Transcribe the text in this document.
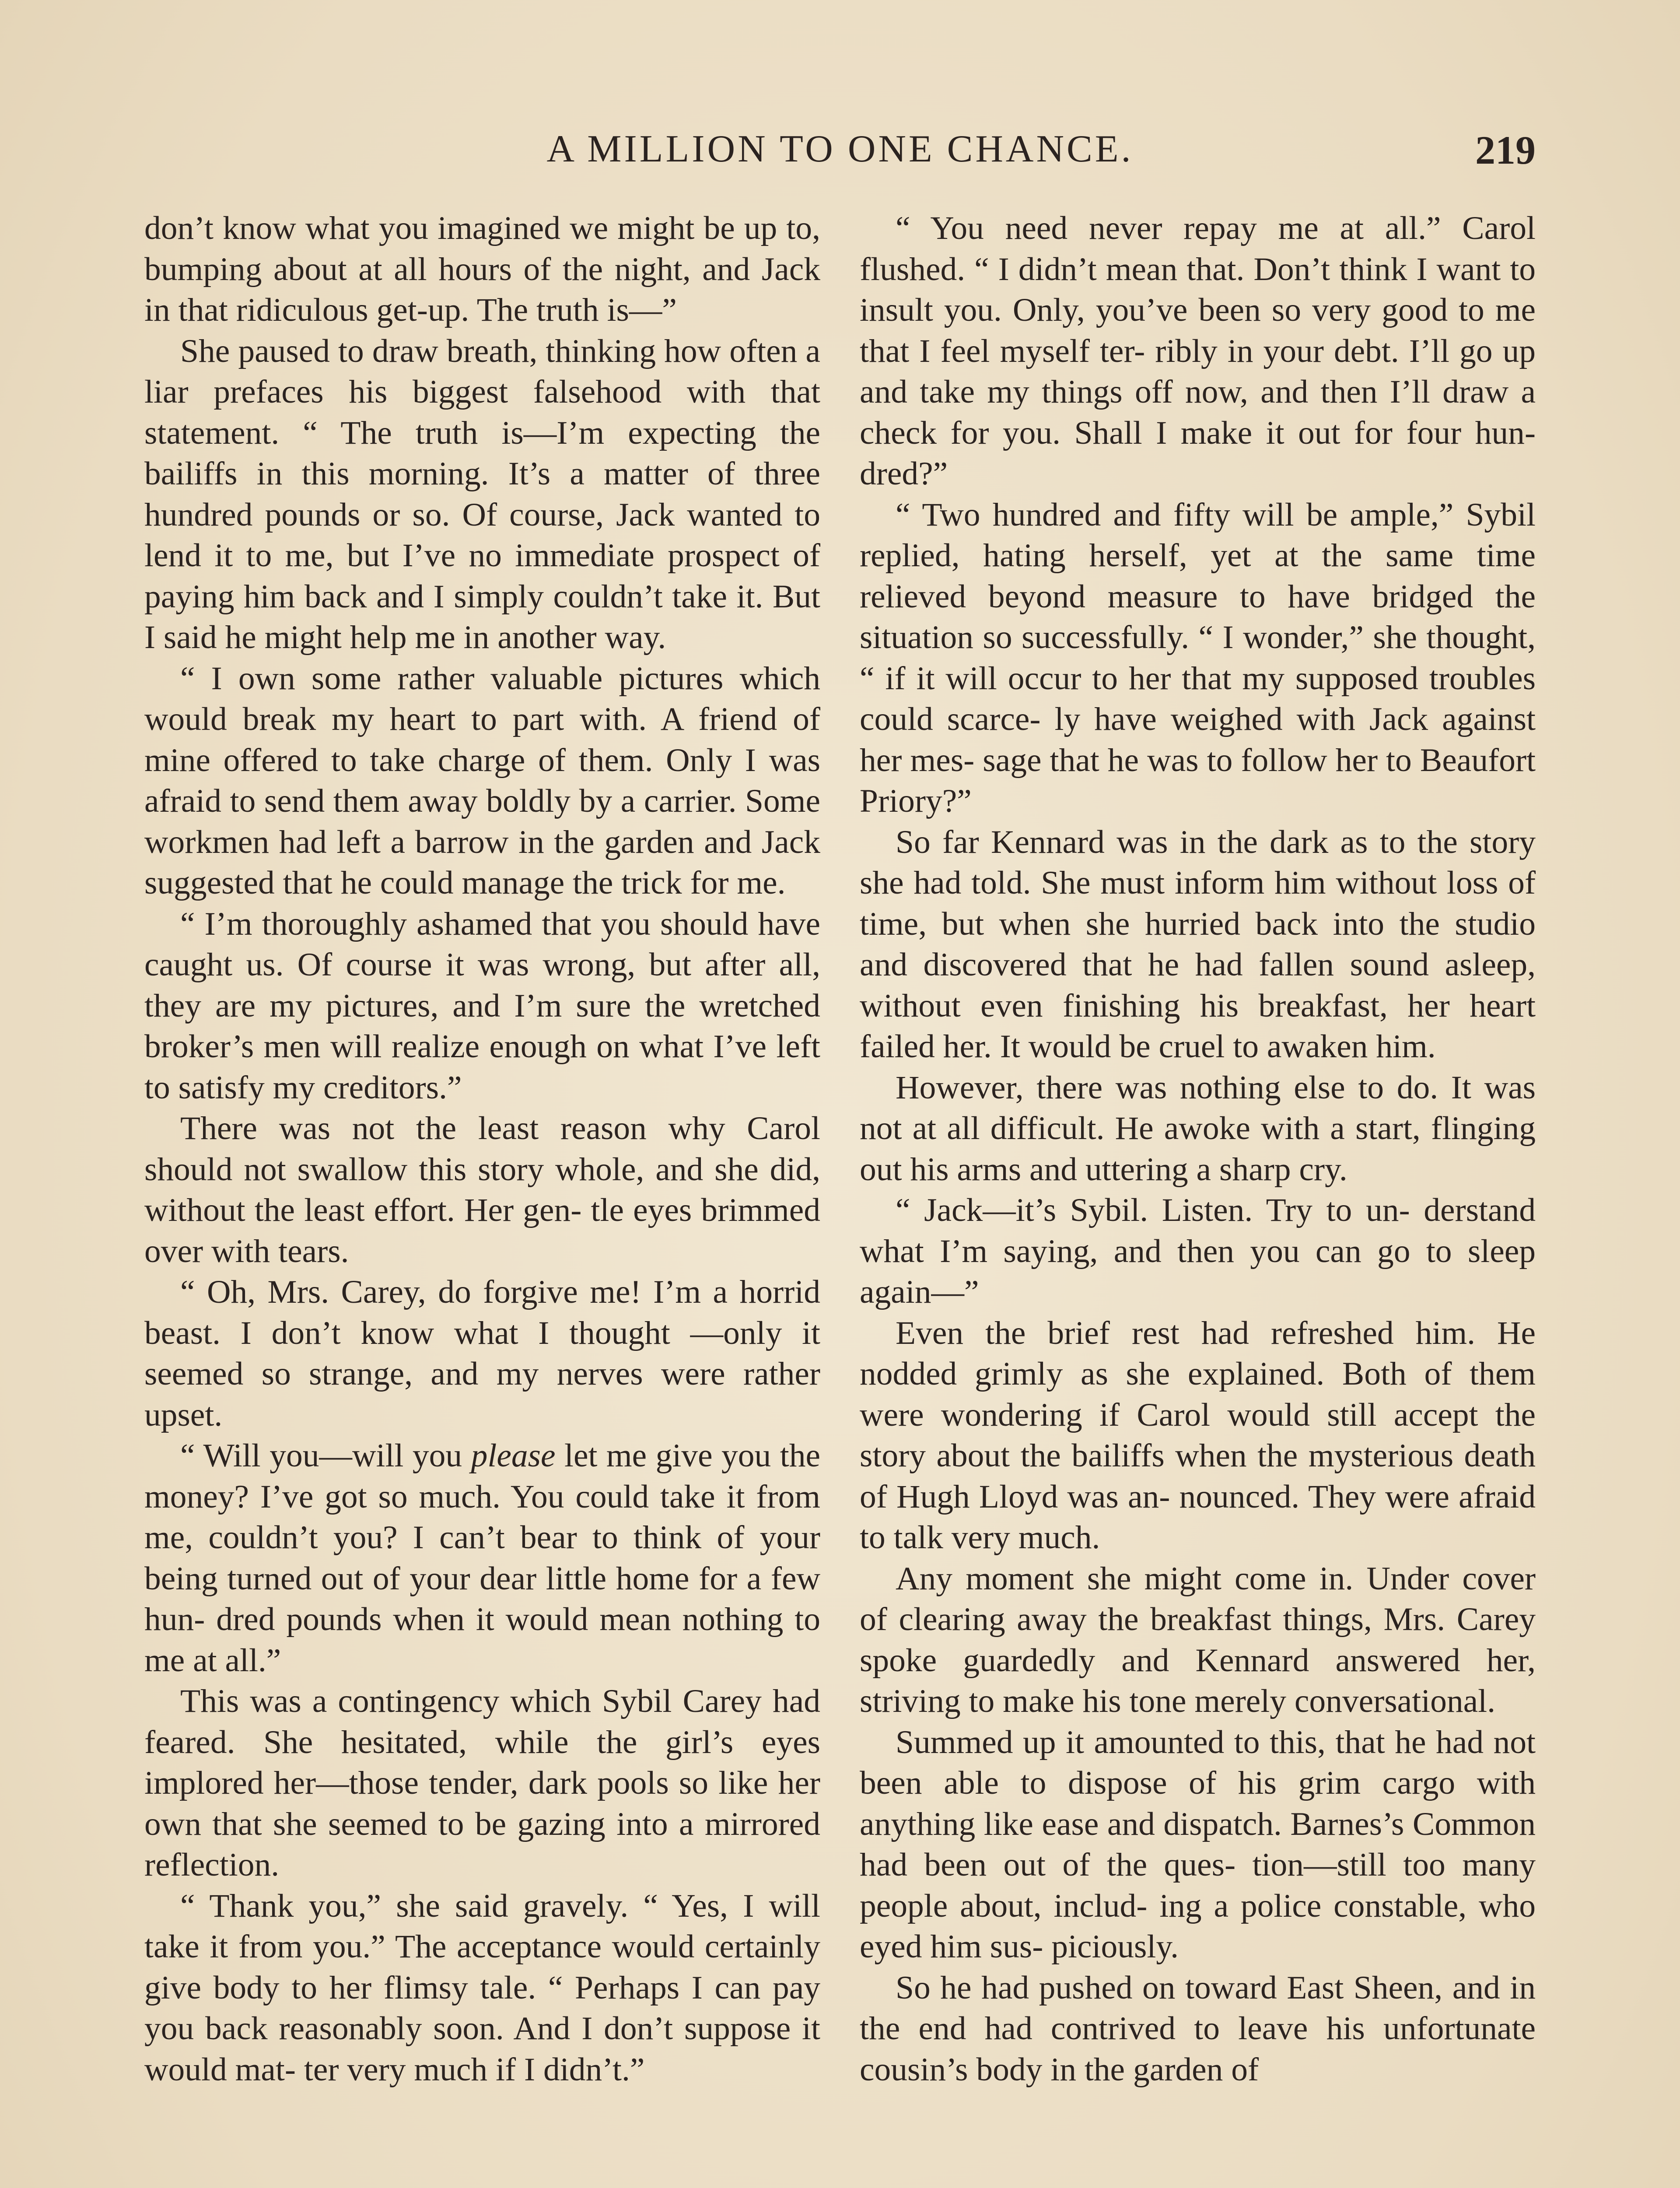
A MILLION TO ONE CHANCE.	219

don’t know what you imagined we might be up to, bumping about at all hours of the night, and Jack in that ridiculous get-up. The truth is—”

She paused to draw breath, thinking how often a liar prefaces his biggest falsehood with that statement. “ The truth is—I’m expecting the bailiffs in this morning. It’s a matter of three hundred pounds or so. Of course, Jack wanted to lend it to me, but I’ve no immediate prospect of paying him back and I simply couldn’t take it. But I said he might help me in another way.

“ I own some rather valuable pictures which would break my heart to part with. A friend of mine offered to take charge of them. Only I was afraid to send them away boldly by a carrier. Some workmen had left a barrow in the garden and Jack suggested that he could manage the trick for me.

“ I’m thoroughly ashamed that you should have caught us. Of course it was wrong, but after all, they are my pictures, and I’m sure the wretched broker’s men will realize enough on what I’ve left to satisfy my creditors.”

There was not the least reason why Carol should not swallow this story whole, and she did, without the least effort. Her gen- tle eyes brimmed over with tears.

“ Oh, Mrs. Carey, do forgive me! I’m a horrid beast. I don’t know what I thought —only it seemed so strange, and my nerves were rather upset.

“ Will you—will you please let me give you the money? I’ve got so much. You could take it from me, couldn’t you? I can’t bear to think of your being turned out of your dear little home for a few hun- dred pounds when it would mean nothing to me at all.”

This was a contingency which Sybil Carey had feared. She hesitated, while the girl’s eyes implored her—those tender, dark pools so like her own that she seemed to be gazing into a mirrored reflection.

“ Thank you,” she said gravely. “ Yes, I will take it from you.” The acceptance would certainly give body to her flimsy tale. “ Perhaps I can pay you back reasonably soon. And I don’t suppose it would mat- ter very much if I didn’t.”

“ You need never repay me at all.” Carol flushed. “ I didn’t mean that. Don’t think I want to insult you. Only, you’ve been so very good to me that I feel myself ter- ribly in your debt. I’ll go up and take my things off now, and then I’ll draw a check for you. Shall I make it out for four hun- dred?”

“ Two hundred and fifty will be ample,” Sybil replied, hating herself, yet at the same time relieved beyond measure to have bridged the situation so successfully. “ I wonder,” she thought, “ if it will occur to her that my supposed troubles could scarce- ly have weighed with Jack against her mes- sage that he was to follow her to Beaufort Priory?”

So far Kennard was in the dark as to the story she had told. She must inform him without loss of time, but when she hurried back into the studio and discovered that he had fallen sound asleep, without even finishing his breakfast, her heart failed her. It would be cruel to awaken him.

However, there was nothing else to do. It was not at all difficult. He awoke with a start, flinging out his arms and uttering a sharp cry.

“ Jack—it’s Sybil. Listen. Try to un- derstand what I’m saying, and then you can go to sleep again—”

Even the brief rest had refreshed him. He nodded grimly as she explained. Both of them were wondering if Carol would still accept the story about the bailiffs when the mysterious death of Hugh Lloyd was an- nounced. They were afraid to talk very much.

Any moment she might come in. Under cover of clearing away the breakfast things, Mrs. Carey spoke guardedly and Kennard answered her, striving to make his tone merely conversational.

Summed up it amounted to this, that he had not been able to dispose of his grim cargo with anything like ease and dispatch. Barnes’s Common had been out of the ques- tion—still too many people about, includ- ing a police constable, who eyed him sus- piciously.

So he had pushed on toward East Sheen, and in the end had contrived to leave his unfortunate cousin’s body in the garden of
